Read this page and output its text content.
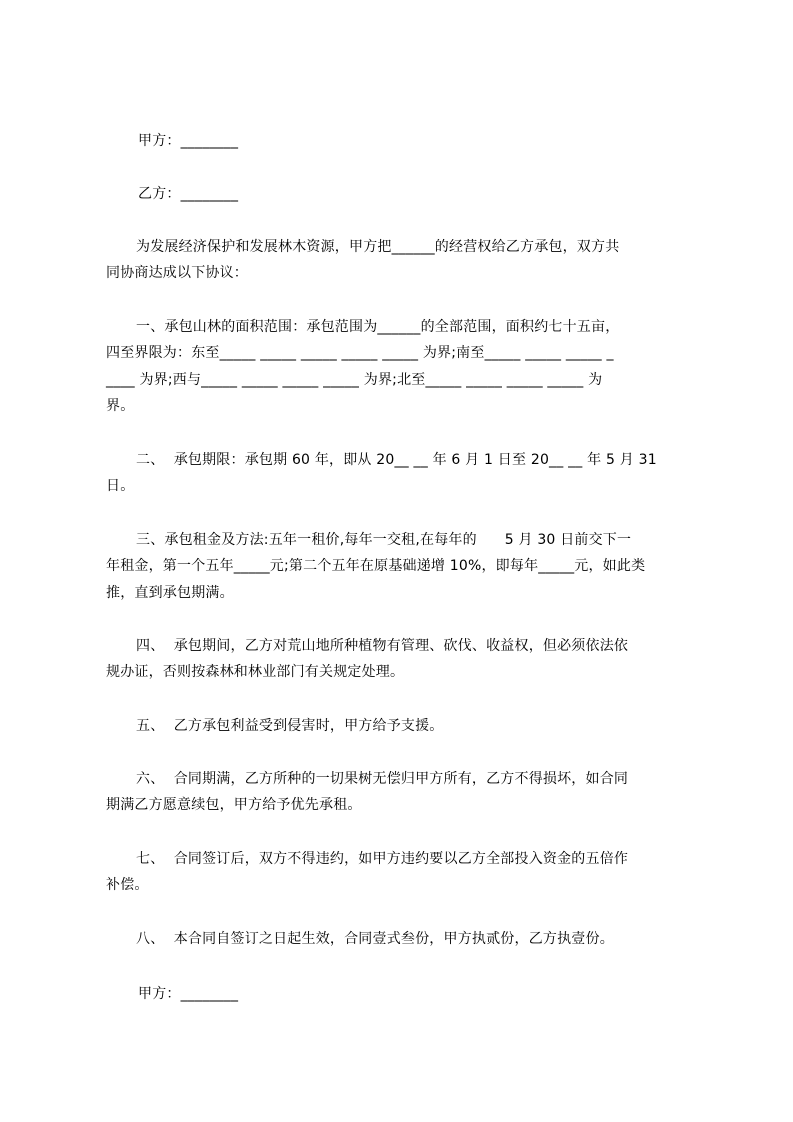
甲方：________
乙方：________
为发展经济保护和发展林木资源，甲方把______的经营权给乙方承包，双方共
同协商达成以下协议：
一、承包山林的面积范围：承包范围为______的全部范围，面积约七十五亩，
四至界限为：东至_____ _____ _____ _____ _____ 为界;南至_____ _____ _____ _
____ 为界;西与_____ _____ _____ _____ 为界;北至_____ _____ _____ _____ 为
界。
二、  承包期限：承包期 60 年，即从 20__ __ 年 6 月 1 日至 20__ __ 年 5 月 31
日。
三、承包租金及方法:五年一租价,每年一交租,在每年的      5 月 30 日前交下一
年租金，第一个五年_____元;第二个五年在原基础递增 10%，即每年_____元，如此类
推，直到承包期满。
四、  承包期间，乙方对荒山地所种植物有管理、砍伐、收益权，但必须依法依
规办证，否则按森林和林业部门有关规定处理。
五、  乙方承包利益受到侵害时，甲方给予支援。
六、  合同期满，乙方所种的一切果树无偿归甲方所有，乙方不得损坏，如合同
期满乙方愿意续包，甲方给予优先承租。
七、  合同签订后，双方不得违约，如甲方违约要以乙方全部投入资金的五倍作
补偿。
八、  本合同自签订之日起生效，合同壹式叁份，甲方执贰份，乙方执壹份。
甲方：________
